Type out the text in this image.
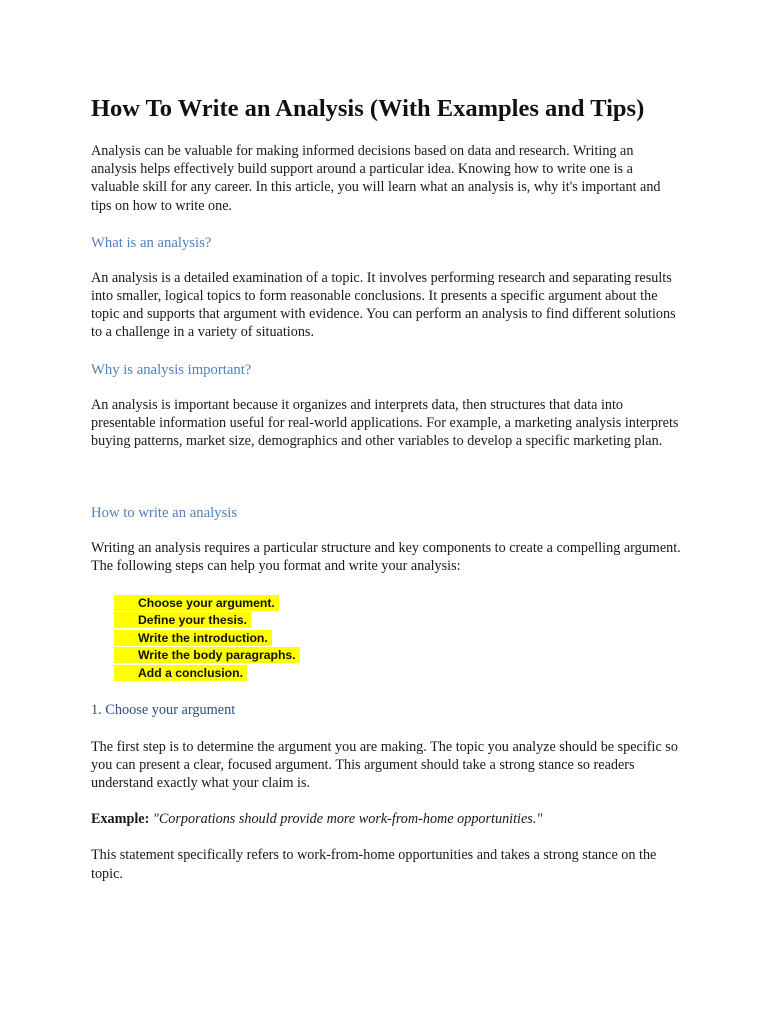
How To Write an Analysis (With Examples and Tips)

Analysis can be valuable for making informed decisions based on data and research. Writing an analysis helps effectively build support around a particular idea. Knowing how to write one is a valuable skill for any career. In this article, you will learn what an analysis is, why it's important and tips on how to write one.

What is an analysis?

An analysis is a detailed examination of a topic. It involves performing research and separating results into smaller, logical topics to form reasonable conclusions. It presents a specific argument about the topic and supports that argument with evidence. You can perform an analysis to find different solutions to a challenge in a variety of situations.

Why is analysis important?

An analysis is important because it organizes and interprets data, then structures that data into presentable information useful for real-world applications. For example, a marketing analysis interprets buying patterns, market size, demographics and other variables to develop a specific marketing plan.

How to write an analysis

Writing an analysis requires a particular structure and key components to create a compelling argument. The following steps can help you format and write your analysis:

Choose your argument.
Define your thesis.
Write the introduction.
Write the body paragraphs.
Add a conclusion.
1. Choose your argument

The first step is to determine the argument you are making. The topic you analyze should be specific so you can present a clear, focused argument. This argument should take a strong stance so readers understand exactly what your claim is.

Example: "Corporations should provide more work-from-home opportunities."

This statement specifically refers to work-from-home opportunities and takes a strong stance on the topic.
